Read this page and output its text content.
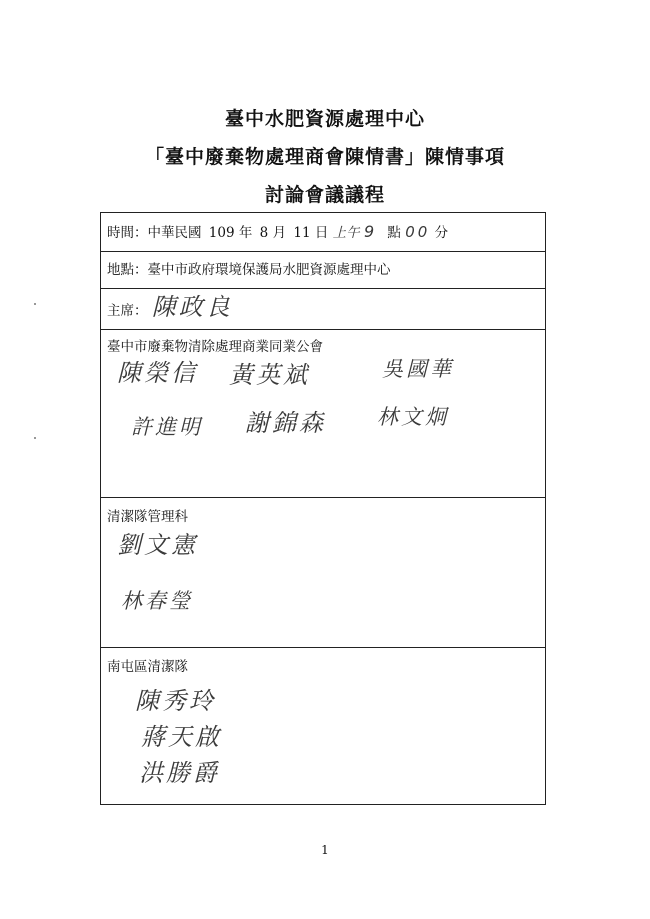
臺中水肥資源處理中心
「臺中廢棄物處理商會陳情書」陳情事項
討論會議議程
時間：中華民國 109 年 8 月 11 日 上午 9 點 00 分
地點：臺中市政府環境保護局水肥資源處理中心
主席： 陳政良

臺中市廢棄物清除處理商業同業公會
陳榮信 黃英斌	吳國華
許進明 謝錦森 林文炯

清潔隊管理科
劉文憲
林春瑩

南屯區清潔隊
陳秀玲
蔣天啟
洪勝爵
1
